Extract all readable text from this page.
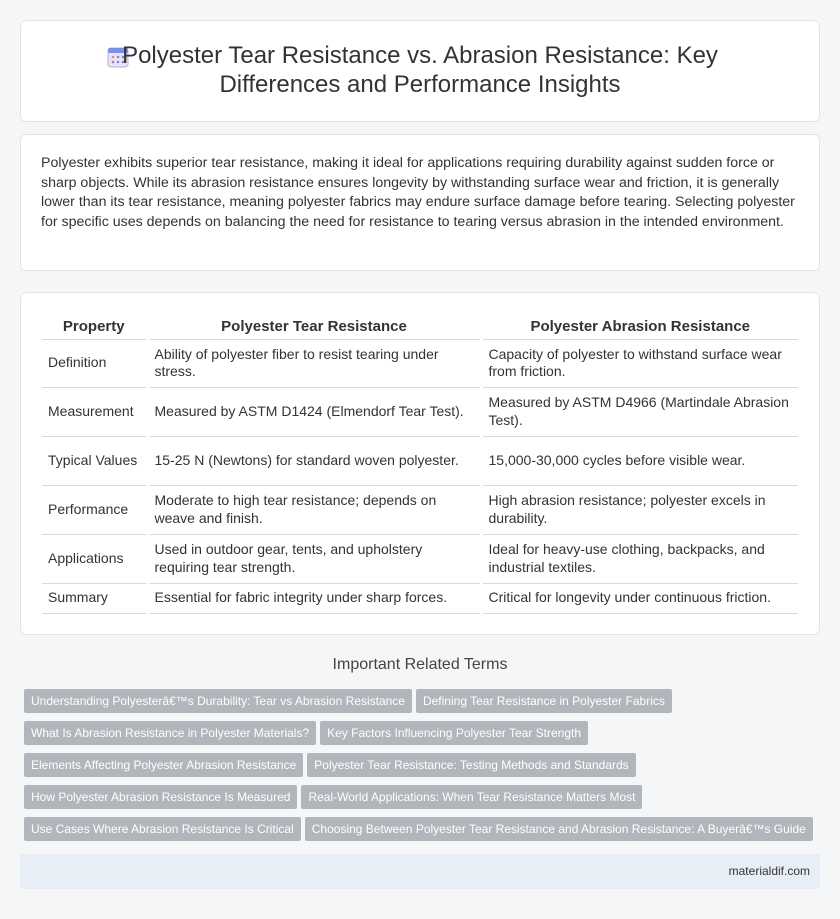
Polyester Tear Resistance vs. Abrasion Resistance: Key Differences and Performance Insights

Polyester exhibits superior tear resistance, making it ideal for applications requiring durability against sudden force or sharp objects. While its abrasion resistance ensures longevity by withstanding surface wear and friction, it is generally lower than its tear resistance, meaning polyester fabrics may endure surface damage before tearing. Selecting polyester for specific uses depends on balancing the need for resistance to tearing versus abrasion in the intended environment.

Property	Polyester Tear Resistance	Polyester Abrasion Resistance
Definition	Ability of polyester fiber to resist tearing under stress.	Capacity of polyester to withstand surface wear from friction.
Measurement	Measured by ASTM D1424 (Elmendorf Tear Test).	Measured by ASTM D4966 (Martindale Abrasion Test).
Typical Values	15-25 N (Newtons) for standard woven polyester.	15,000-30,000 cycles before visible wear.
Performance	Moderate to high tear resistance; depends on weave and finish.	High abrasion resistance; polyester excels in durability.
Applications	Used in outdoor gear, tents, and upholstery requiring tear strength.	Ideal for heavy-use clothing, backpacks, and industrial textiles.
Summary	Essential for fabric integrity under sharp forces.	Critical for longevity under continuous friction.
Important Related Terms
Understanding Polyesterâ€™s Durability: Tear vs Abrasion Resistance Defining Tear Resistance in Polyester Fabrics
What Is Abrasion Resistance in Polyester Materials? Key Factors Influencing Polyester Tear Strength
Elements Affecting Polyester Abrasion Resistance Polyester Tear Resistance: Testing Methods and Standards
How Polyester Abrasion Resistance Is Measured Real-World Applications: When Tear Resistance Matters Most
Use Cases Where Abrasion Resistance Is Critical Choosing Between Polyester Tear Resistance and Abrasion Resistance: A Buyerâ€™s Guide
materialdif.com
